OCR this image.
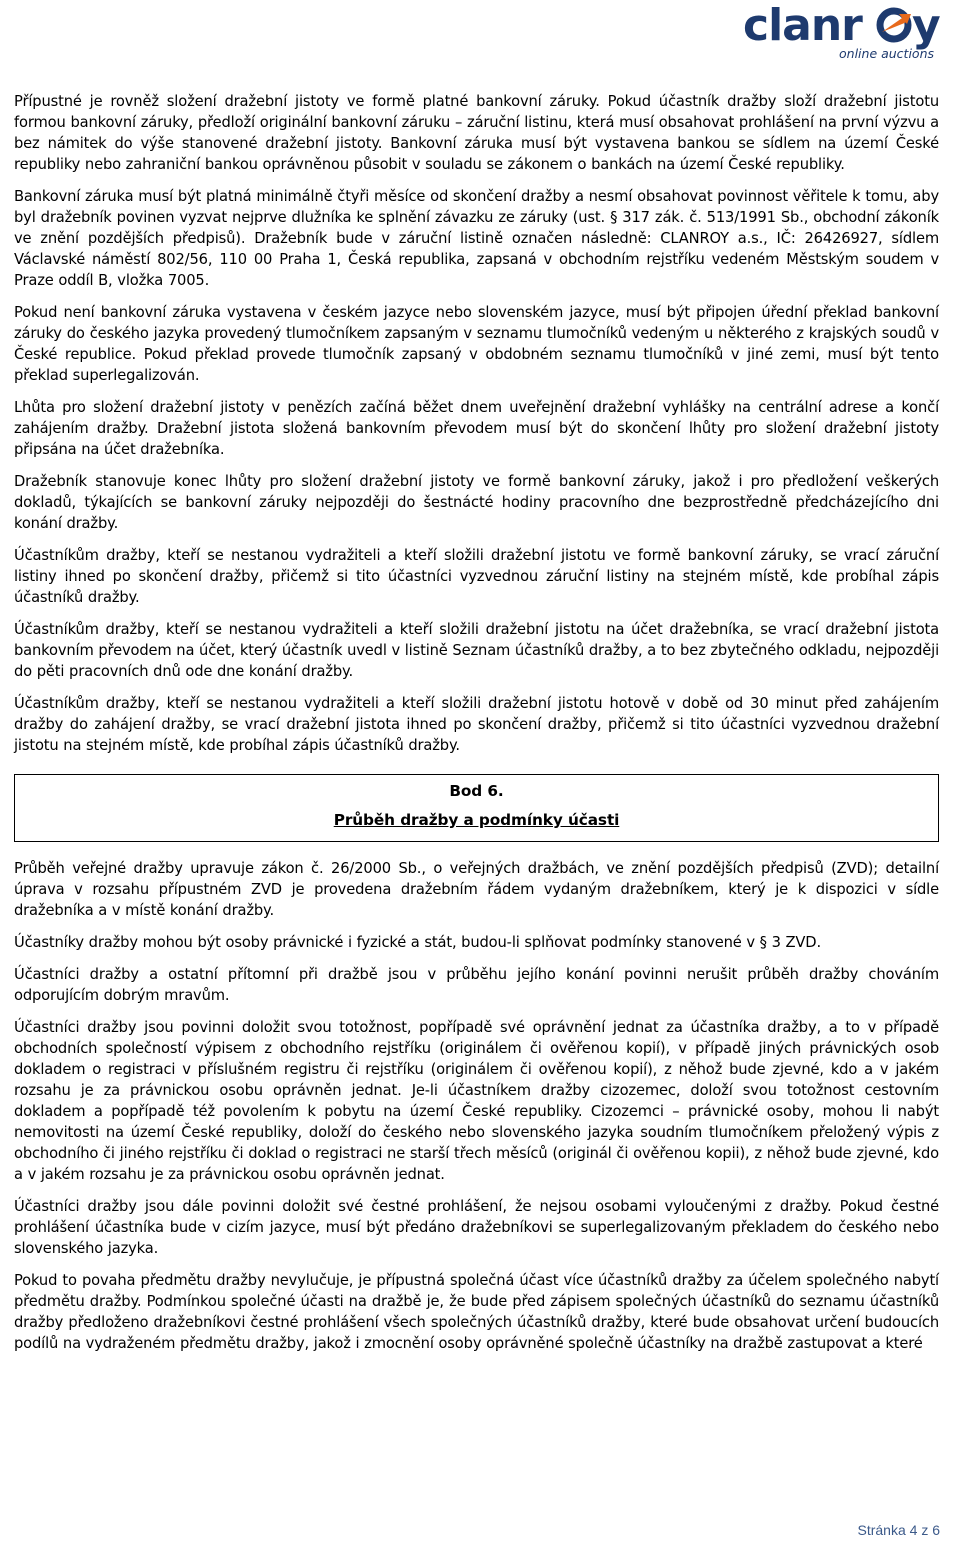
clanr y
online auctions

Přípustné je rovněž složení dražební jistoty ve formě platné bankovní záruky. Pokud účastník dražby složí dražební jistotu formou bankovní záruky, předloží originální bankovní záruku – záruční listinu, která musí obsahovat prohlášení na první výzvu a bez námitek do výše stanovené dražební jistoty. Bankovní záruka musí být vystavena bankou se sídlem na území České republiky nebo zahraniční bankou oprávněnou působit v souladu se zákonem o bankách na území České republiky.

Bankovní záruka musí být platná minimálně čtyři měsíce od skončení dražby a nesmí obsahovat povinnost věřitele k tomu, aby byl dražebník povinen vyzvat nejprve dlužníka ke splnění závazku ze záruky (ust. § 317 zák. č. 513/1991 Sb., obchodní zákoník ve znění pozdějších předpisů). Dražebník bude v záruční listině označen následně: CLANROY a.s., IČ: 26426927, sídlem Václavské náměstí 802/56, 110 00 Praha 1, Česká republika, zapsaná v obchodním rejstříku vedeném Městským soudem v Praze oddíl B, vložka 7005.

Pokud není bankovní záruka vystavena v českém jazyce nebo slovenském jazyce, musí být připojen úřední překlad bankovní záruky do českého jazyka provedený tlumočníkem zapsaným v seznamu tlumočníků vedeným u některého z krajských soudů v České republice. Pokud překlad provede tlumočník zapsaný v obdobném seznamu tlumočníků v jiné zemi, musí být tento překlad superlegalizován.

Lhůta pro složení dražební jistoty v penězích začíná běžet dnem uveřejnění dražební vyhlášky na centrální adrese a končí zahájením dražby. Dražební jistota složená bankovním převodem musí být do skončení lhůty pro složení dražební jistoty připsána na účet dražebníka.

Dražebník stanovuje konec lhůty pro složení dražební jistoty ve formě bankovní záruky, jakož i pro předložení veškerých dokladů, týkajících se bankovní záruky nejpozději do šestnácté hodiny pracovního dne bezprostředně předcházejícího dni konání dražby.

Účastníkům dražby, kteří se nestanou vydražiteli a kteří složili dražební jistotu ve formě bankovní záruky, se vrací záruční listiny ihned po skončení dražby, přičemž si tito účastníci vyzvednou záruční listiny na stejném místě, kde probíhal zápis účastníků dražby.

Účastníkům dražby, kteří se nestanou vydražiteli a kteří složili dražební jistotu na účet dražebníka, se vrací dražební jistota bankovním převodem na účet, který účastník uvedl v listině Seznam účastníků dražby, a to bez zbytečného odkladu, nejpozději do pěti pracovních dnů ode dne konání dražby.

Účastníkům dražby, kteří se nestanou vydražiteli a kteří složili dražební jistotu hotově v době od 30 minut před zahájením dražby do zahájení dražby, se vrací dražební jistota ihned po skončení dražby, přičemž si tito účastníci vyzvednou dražební jistotu na stejném místě, kde probíhal zápis účastníků dražby.

Bod 6.
Průběh dražby a podmínky účasti

Průběh veřejné dražby upravuje zákon č. 26/2000 Sb., o veřejných dražbách, ve znění pozdějších předpisů (ZVD); detailní úprava v rozsahu přípustném ZVD je provedena dražebním řádem vydaným dražebníkem, který je k dispozici v sídle dražebníka a v místě konání dražby.

Účastníky dražby mohou být osoby právnické i fyzické a stát, budou-li splňovat podmínky stanovené v § 3 ZVD.

Účastníci dražby a ostatní přítomní při dražbě jsou v průběhu jejího konání povinni nerušit průběh dražby chováním odporujícím dobrým mravům.

Účastníci dražby jsou povinni doložit svou totožnost, popřípadě své oprávnění jednat za účastníka dražby, a to v případě obchodních společností výpisem z obchodního rejstříku (originálem či ověřenou kopií), v případě jiných právnických osob dokladem o registraci v příslušném registru či rejstříku (originálem či ověřenou kopií), z něhož bude zjevné, kdo a v jakém rozsahu je za právnickou osobu oprávněn jednat. Je-li účastníkem dražby cizozemec, doloží svou totožnost cestovním dokladem a popřípadě též povolením k pobytu na území České republiky. Cizozemci – právnické osoby, mohou li nabýt nemovitosti na území České republiky, doloží do českého nebo slovenského jazyka soudním tlumočníkem přeložený výpis z obchodního či jiného rejstříku či doklad o registraci ne starší třech měsíců (originál či ověřenou kopii), z něhož bude zjevné, kdo a v jakém rozsahu je za právnickou osobu oprávněn jednat.

Účastníci dražby jsou dále povinni doložit své čestné prohlášení, že nejsou osobami vyloučenými z dražby. Pokud čestné prohlášení účastníka bude v cizím jazyce, musí být předáno dražebníkovi se superlegalizovaným překladem do českého nebo slovenského jazyka.

Pokud to povaha předmětu dražby nevylučuje, je přípustná společná účast více účastníků dražby za účelem společného nabytí předmětu dražby. Podmínkou společné účasti na dražbě je, že bude před zápisem společných účastníků do seznamu účastníků dražby předloženo dražebníkovi čestné prohlášení všech společných účastníků dražby, které bude obsahovat určení budoucích podílů na vydraženém předmětu dražby, jakož i zmocnění osoby oprávněné společně účastníky na dražbě zastupovat a které

Stránka 4 z 6
